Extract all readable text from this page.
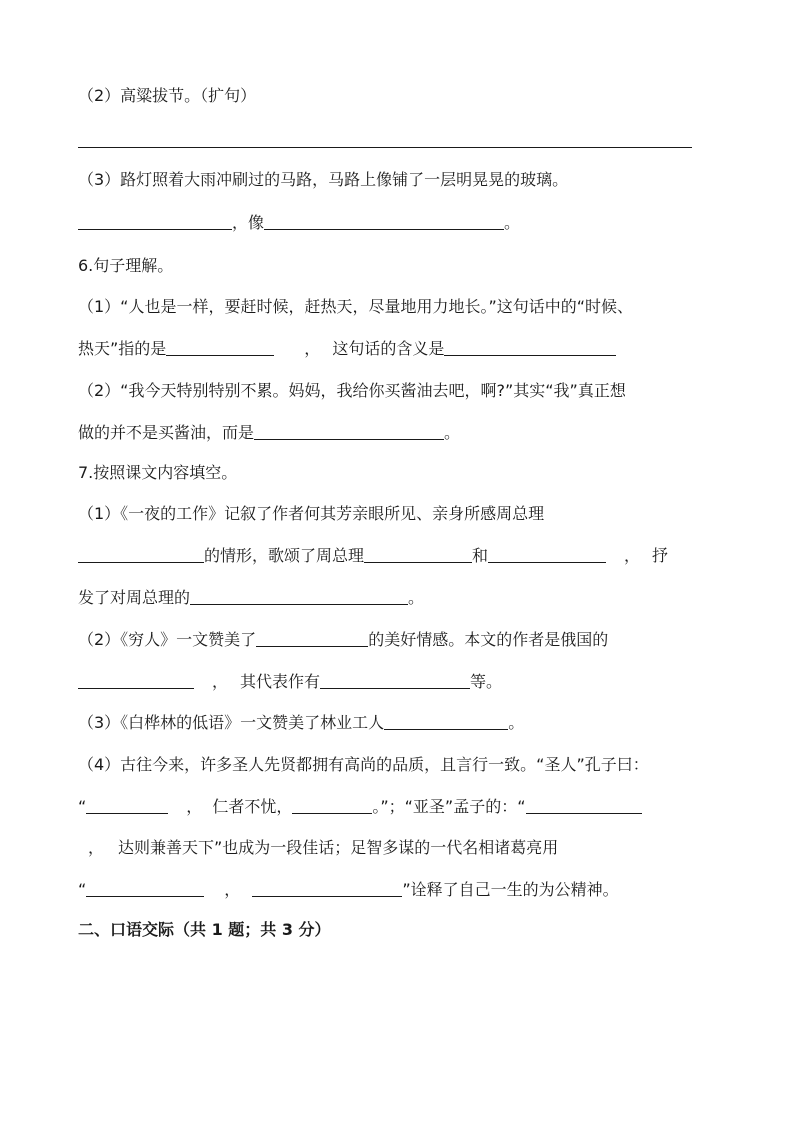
（2）高粱拔节。（扩句）
（3）路灯照着大雨冲刷过的马路，马路上像铺了一层明晃晃的玻璃。
，像	。
6.句子理解。
（1）“人也是一样，要赶时候，赶热天，尽量地用力地长。”这句话中的“时候、
热天”指的是	， 这句话的含义是
（2）“我今天特别特别不累。妈妈，我给你买酱油去吧，啊?”其实“我”真正想
做的并不是买酱油，而是	。
7.按照课文内容填空。
（1）《一夜的工作》记叙了作者何其芳亲眼所见、亲身所感周总理
的情形，歌颂了周总理	和	， 抒
发了对周总理的	。
（2）《穷人》一文赞美了	的美好情感。本文的作者是俄国的
， 其代表作有	等。
（3）《白桦林的低语》一文赞美了林业工人	。
（4）古往今来，许多圣人先贤都拥有高尚的品质，且言行一致。“圣人”孔子曰：
“	， 仁者不忧，	。”；“亚圣”孟子的：“
， 达则兼善天下”也成为一段佳话；足智多谋的一代名相诸葛亮用
“	，	”诠释了自己一生的为公精神。
二、口语交际（共 1 题；共 3 分）
